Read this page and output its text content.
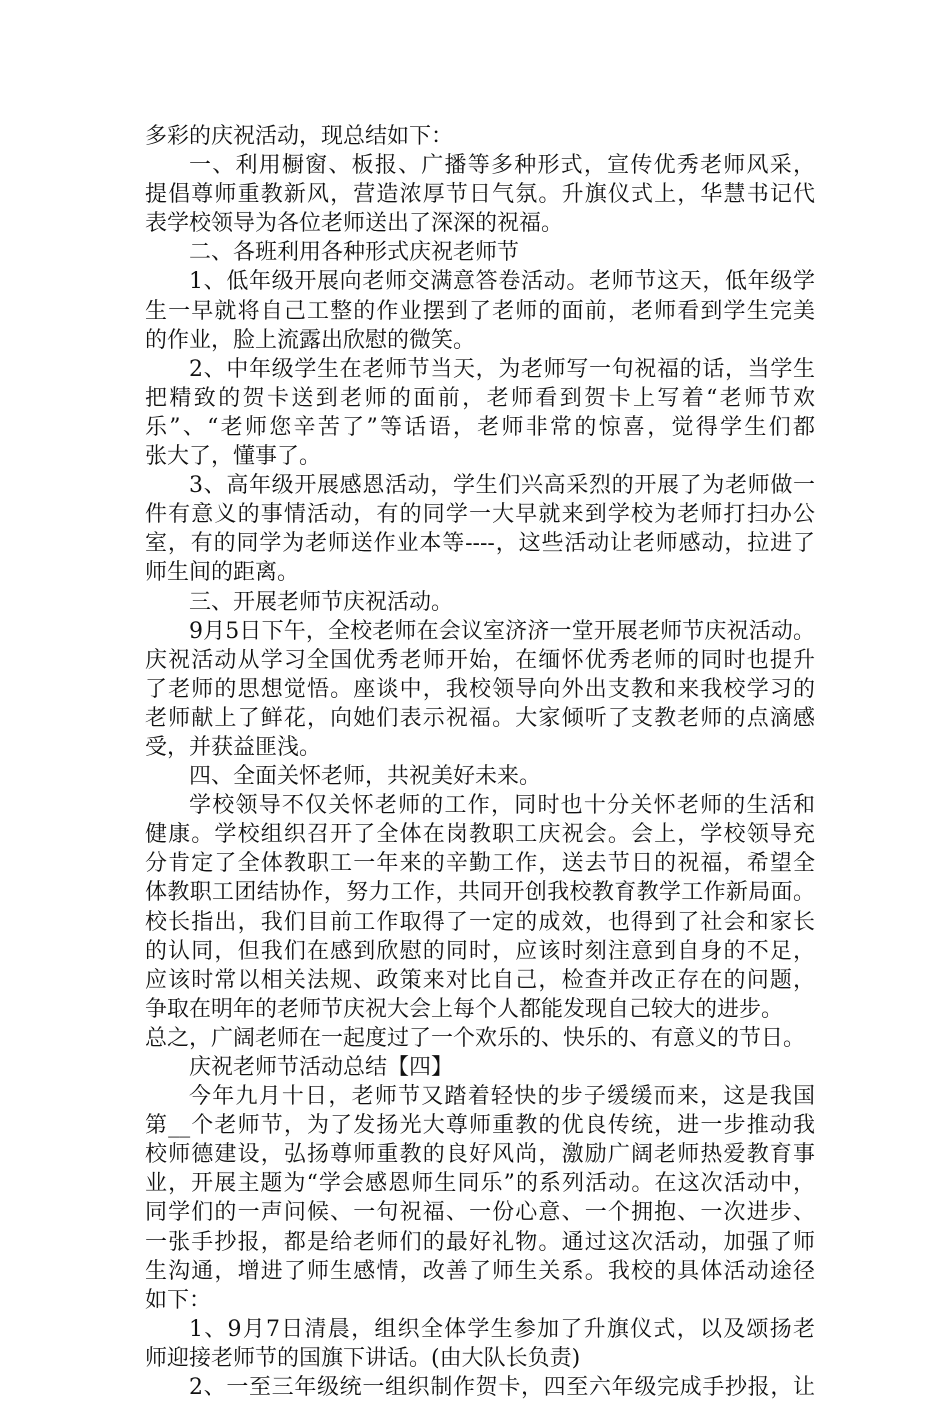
多彩的庆祝活动，现总结如下：
一、利用橱窗、板报、广播等多种形式，宣传优秀老师风采，
提倡尊师重教新风，营造浓厚节日气氛。升旗仪式上，华慧书记代
表学校领导为各位老师送出了深深的祝福。
二、各班利用各种形式庆祝老师节
1、低年级开展向老师交满意答卷活动。老师节这天，低年级学
生一早就将自己工整的作业摆到了老师的面前，老师看到学生完美
的作业，脸上流露出欣慰的微笑。
2、中年级学生在老师节当天，为老师写一句祝福的话，当学生
把精致的贺卡送到老师的面前，老师看到贺卡上写着“老师节欢
乐”、“老师您辛苦了”等话语，老师非常的惊喜，觉得学生们都
张大了，懂事了。
3、高年级开展感恩活动，学生们兴高采烈的开展了为老师做一
件有意义的事情活动，有的同学一大早就来到学校为老师打扫办公
室，有的同学为老师送作业本等----，这些活动让老师感动，拉进了
师生间的距离。
三、开展老师节庆祝活动。
9月5日下午，全校老师在会议室济济一堂开展老师节庆祝活动。
庆祝活动从学习全国优秀老师开始，在缅怀优秀老师的同时也提升
了老师的思想觉悟。座谈中，我校领导向外出支教和来我校学习的
老师献上了鲜花，向她们表示祝福。大家倾听了支教老师的点滴感
受，并获益匪浅。
四、全面关怀老师，共祝美好未来。
学校领导不仅关怀老师的工作，同时也十分关怀老师的生活和
健康。学校组织召开了全体在岗教职工庆祝会。会上，学校领导充
分肯定了全体教职工一年来的辛勤工作，送去节日的祝福，希望全
体教职工团结协作，努力工作，共同开创我校教育教学工作新局面。
校长指出，我们目前工作取得了一定的成效，也得到了社会和家长
的认同，但我们在感到欣慰的同时，应该时刻注意到自身的不足，
应该时常以相关法规、政策来对比自己，检查并改正存在的问题，
争取在明年的老师节庆祝大会上每个人都能发现自己较大的进步。
总之，广阔老师在一起度过了一个欢乐的、快乐的、有意义的节日。
庆祝老师节活动总结【四】
今年九月十日，老师节又踏着轻快的步子缓缓而来，这是我国
第__个老师节，为了发扬光大尊师重教的优良传统，进一步推动我
校师德建设，弘扬尊师重教的良好风尚，激励广阔老师热爱教育事
业，开展主题为“学会感恩师生同乐”的系列活动。在这次活动中，
同学们的一声问候、一句祝福、一份心意、一个拥抱、一次进步、
一张手抄报，都是给老师们的最好礼物。通过这次活动，加强了师
生沟通，增进了师生感情，改善了师生关系。我校的具体活动途径
如下：
1、9月7日清晨，组织全体学生参加了升旗仪式，以及颂扬老
师迎接老师节的国旗下讲话。(由大队长负责)
2、一至三年级统一组织制作贺卡，四至六年级完成手抄报，让
